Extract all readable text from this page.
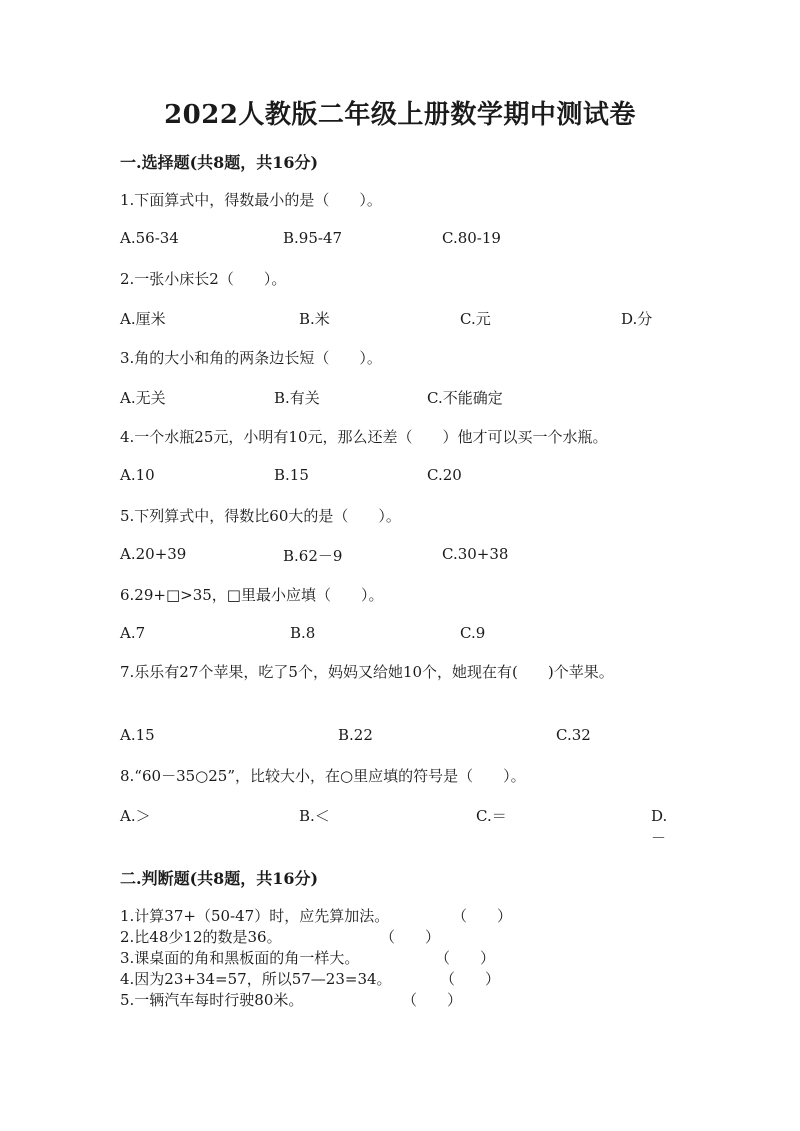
2022人教版二年级上册数学期中测试卷
一.选择题(共8题，共16分)
1.下面算式中，得数最小的是（　　）。
A.56-34	B.95-47	C.80-19
2.一张小床长2（　　）。
A.厘米	B.米	C.元	D.分
3.角的大小和角的两条边长短（　　）。
A.无关	B.有关	C.不能确定
4.一个水瓶25元，小明有10元，那么还差（　　）他才可以买一个水瓶。
A.10	B.15	C.20
5.下列算式中，得数比60大的是（　　）。
A.20+39	B.62－9	C.30+38
6.29+□>35，□里最小应填（　　）。
A.7	B.8	C.9
7.乐乐有27个苹果，吃了5个，妈妈又给她10个，她现在有(　　)个苹果。
A.15	B.22	C.32
8.“60－35○25”，比较大小，在○里应填的符号是（　　）。
A.＞	B.＜	C.＝	D.－
二.判断题(共8题，共16分)
1.计算37+（50-47）时，应先算加法。	（　　）
2.比48少12的数是36。	（　　）
3.课桌面的角和黑板面的角一样大。	（　　）
4.因为23+34=57，所以57—23=34。	（　　）
5.一辆汽车每时行驶80米。	（　　）
